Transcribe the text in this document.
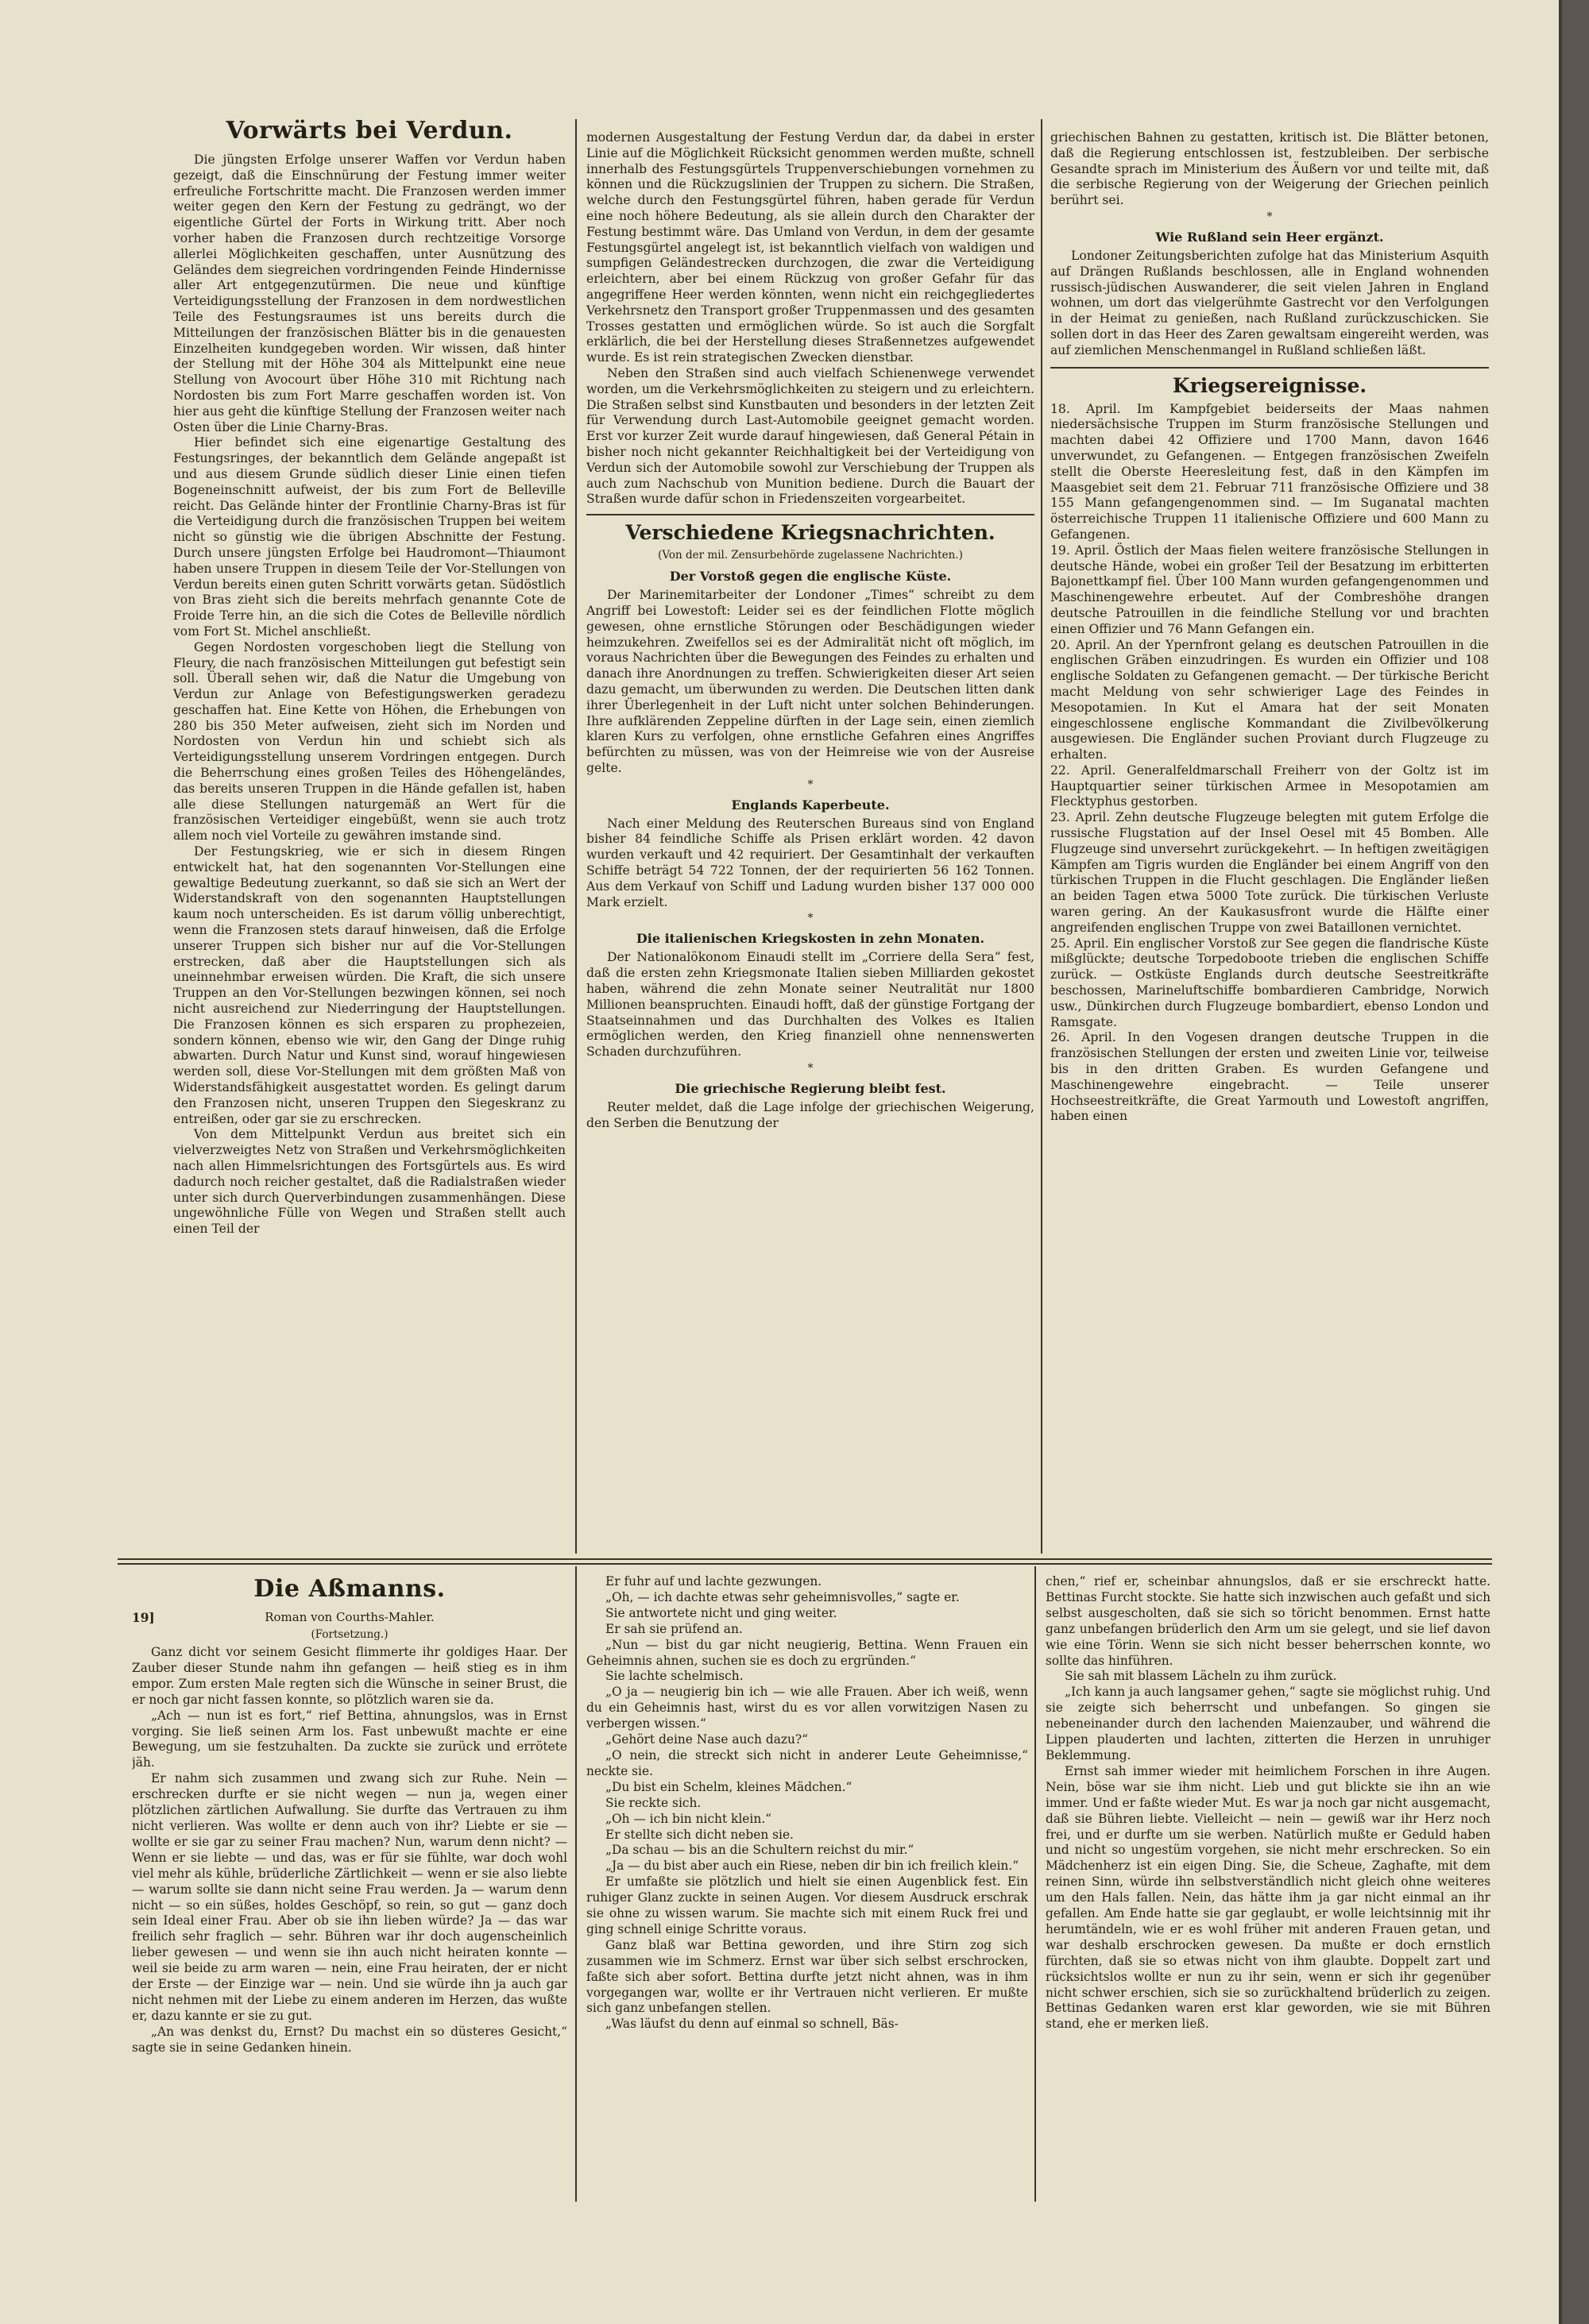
Vorwärts bei Verdun.

Die jüngsten Erfolge unserer Waffen vor Verdun haben gezeigt, daß die Einschnürung der Festung immer weiter erfreuliche Fortschritte macht. Die Franzosen werden immer weiter gegen den Kern der Festung zu gedrängt, wo der eigentliche Gürtel der Forts in Wirkung tritt. Aber noch vorher haben die Franzosen durch rechtzeitige Vorsorge allerlei Möglichkeiten geschaffen, unter Ausnützung des Geländes dem siegreichen vordringenden Feinde Hindernisse aller Art entgegenzutürmen. Die neue und künftige Verteidigungsstellung der Franzosen in dem nordwestlichen Teile des Festungsraumes ist uns bereits durch die Mitteilungen der französischen Blätter bis in die genauesten Einzelheiten kundgegeben worden. Wir wissen, daß hinter der Stellung mit der Höhe 304 als Mittelpunkt eine neue Stellung von Avocourt über Höhe 310 mit Richtung nach Nordosten bis zum Fort Marre geschaffen worden ist. Von hier aus geht die künftige Stellung der Franzosen weiter nach Osten über die Linie Charny-Bras.

Hier befindet sich eine eigenartige Gestaltung des Festungsringes, der bekanntlich dem Gelände angepaßt ist und aus diesem Grunde südlich dieser Linie einen tiefen Bogeneinschnitt aufweist, der bis zum Fort de Belleville reicht. Das Gelände hinter der Frontlinie Charny-Bras ist für die Verteidigung durch die französischen Truppen bei weitem nicht so günstig wie die übrigen Abschnitte der Festung. Durch unsere jüngsten Erfolge bei Haudromont—Thiaumont haben unsere Truppen in diesem Teile der Vor-Stellungen von Verdun bereits einen guten Schritt vorwärts getan. Südöstlich von Bras zieht sich die bereits mehrfach genannte Cote de Froide Terre hin, an die sich die Cotes de Belleville nördlich vom Fort St. Michel anschließt.

Gegen Nordosten vorgeschoben liegt die Stellung von Fleury, die nach französischen Mitteilungen gut befestigt sein soll. Überall sehen wir, daß die Natur die Umgebung von Verdun zur Anlage von Befestigungswerken geradezu geschaffen hat. Eine Kette von Höhen, die Erhebungen von 280 bis 350 Meter aufweisen, zieht sich im Norden und Nordosten von Verdun hin und schiebt sich als Verteidigungsstellung unserem Vordringen entgegen. Durch die Beherrschung eines großen Teiles des Höhengeländes, das bereits unseren Truppen in die Hände gefallen ist, haben alle diese Stellungen naturgemäß an Wert für die französischen Verteidiger eingebüßt, wenn sie auch trotz allem noch viel Vorteile zu gewähren imstande sind.

Der Festungskrieg, wie er sich in diesem Ringen entwickelt hat, hat den sogenannten Vor-Stellungen eine gewaltige Bedeutung zuerkannt, so daß sie sich an Wert der Widerstandskraft von den sogenannten Hauptstellungen kaum noch unterscheiden. Es ist darum völlig unberechtigt, wenn die Franzosen stets darauf hinweisen, daß die Erfolge unserer Truppen sich bisher nur auf die Vor-Stellungen erstrecken, daß aber die Hauptstellungen sich als uneinnehmbar erweisen würden. Die Kraft, die sich unsere Truppen an den Vor-Stellungen bezwingen können, sei noch nicht ausreichend zur Niederringung der Hauptstellungen. Die Franzosen können es sich ersparen zu prophezeien, sondern können, ebenso wie wir, den Gang der Dinge ruhig abwarten. Durch Natur und Kunst sind, worauf hingewiesen werden soll, diese Vor-Stellungen mit dem größten Maß von Widerstandsfähigkeit ausgestattet worden. Es gelingt darum den Franzosen nicht, unseren Truppen den Siegeskranz zu entreißen, oder gar sie zu erschrecken.

Von dem Mittelpunkt Verdun aus breitet sich ein vielverzweigtes Netz von Straßen und Verkehrsmöglichkeiten nach allen Himmelsrichtungen des Fortsgürtels aus. Es wird dadurch noch reicher gestaltet, daß die Radialstraßen wieder unter sich durch Querverbindungen zusammenhängen. Diese ungewöhnliche Fülle von Wegen und Straßen stellt auch einen Teil der

modernen Ausgestaltung der Festung Verdun dar, da dabei in erster Linie auf die Möglichkeit Rücksicht genommen werden mußte, schnell innerhalb des Festungsgürtels Truppenverschiebungen vornehmen zu können und die Rückzugslinien der Truppen zu sichern. Die Straßen, welche durch den Festungsgürtel führen, haben gerade für Verdun eine noch höhere Bedeutung, als sie allein durch den Charakter der Festung bestimmt wäre. Das Umland von Verdun, in dem der gesamte Festungsgürtel angelegt ist, ist bekanntlich vielfach von waldigen und sumpfigen Geländestrecken durchzogen, die zwar die Verteidigung erleichtern, aber bei einem Rückzug von großer Gefahr für das angegriffene Heer werden könnten, wenn nicht ein reichgegliedertes Verkehrsnetz den Transport großer Truppenmassen und des gesamten Trosses gestatten und ermöglichen würde. So ist auch die Sorgfalt erklärlich, die bei der Herstellung dieses Straßennetzes aufgewendet wurde. Es ist rein strategischen Zwecken dienstbar.

Neben den Straßen sind auch vielfach Schienenwege verwendet worden, um die Verkehrsmöglichkeiten zu steigern und zu erleichtern. Die Straßen selbst sind Kunstbauten und besonders in der letzten Zeit für Verwendung durch Last-Automobile geeignet gemacht worden. Erst vor kurzer Zeit wurde darauf hingewiesen, daß General Pétain in bisher noch nicht gekannter Reichhaltigkeit bei der Verteidigung von Verdun sich der Automobile sowohl zur Verschiebung der Truppen als auch zum Nachschub von Munition bediene. Durch die Bauart der Straßen wurde dafür schon in Friedenszeiten vorgearbeitet.

Verschiedene Kriegsnachrichten.
(Von der mil. Zensurbehörde zugelassene Nachrichten.)
Der Vorstoß gegen die englische Küste.

Der Marinemitarbeiter der Londoner „Times“ schreibt zu dem Angriff bei Lowestoft: Leider sei es der feindlichen Flotte möglich gewesen, ohne ernstliche Störungen oder Beschädigungen wieder heimzukehren. Zweifellos sei es der Admiralität nicht oft möglich, im voraus Nachrichten über die Bewegungen des Feindes zu erhalten und danach ihre Anordnungen zu treffen. Schwierigkeiten dieser Art seien dazu gemacht, um überwunden zu werden. Die Deutschen litten dank ihrer Überlegenheit in der Luft nicht unter solchen Behinderungen. Ihre aufklärenden Zeppeline dürften in der Lage sein, einen ziemlich klaren Kurs zu verfolgen, ohne ernstliche Gefahren eines Angriffes befürchten zu müssen, was von der Heimreise wie von der Ausreise gelte.

*
Englands Kaperbeute.

Nach einer Meldung des Reuterschen Bureaus sind von England bisher 84 feindliche Schiffe als Prisen erklärt worden. 42 davon wurden verkauft und 42 requiriert. Der Gesamtinhalt der verkauften Schiffe beträgt 54 722 Tonnen, der der requirierten 56 162 Tonnen. Aus dem Verkauf von Schiff und Ladung wurden bisher 137 000 000 Mark erzielt.

*
Die italienischen Kriegskosten in zehn Monaten.

Der Nationalökonom Einaudi stellt im „Corriere della Sera“ fest, daß die ersten zehn Kriegsmonate Italien sieben Milliarden gekostet haben, während die zehn Monate seiner Neutralität nur 1800 Millionen beanspruchten. Einaudi hofft, daß der günstige Fortgang der Staatseinnahmen und das Durchhalten des Volkes es Italien ermöglichen werden, den Krieg finanziell ohne nennenswerten Schaden durchzuführen.

*
Die griechische Regierung bleibt fest.

Reuter meldet, daß die Lage infolge der griechischen Weigerung, den Serben die Benutzung der

griechischen Bahnen zu gestatten, kritisch ist. Die Blätter betonen, daß die Regierung entschlossen ist, festzubleiben. Der serbische Gesandte sprach im Ministerium des Äußern vor und teilte mit, daß die serbische Regierung von der Weigerung der Griechen peinlich berührt sei.

*
Wie Rußland sein Heer ergänzt.

Londoner Zeitungsberichten zufolge hat das Ministerium Asquith auf Drängen Rußlands beschlossen, alle in England wohnenden russisch-jüdischen Auswanderer, die seit vielen Jahren in England wohnen, um dort das vielgerühmte Gastrecht vor den Verfolgungen in der Heimat zu genießen, nach Rußland zurückzuschicken. Sie sollen dort in das Heer des Zaren gewaltsam eingereiht werden, was auf ziemlichen Menschenmangel in Rußland schließen läßt.

Kriegsereignisse.

18. April. Im Kampfgebiet beiderseits der Maas nahmen niedersächsische Truppen im Sturm französische Stellungen und machten dabei 42 Offiziere und 1700 Mann, davon 1646 unverwundet, zu Gefangenen. — Entgegen französischen Zweifeln stellt die Oberste Heeresleitung fest, daß in den Kämpfen im Maasgebiet seit dem 21. Februar 711 französische Offiziere und 38 155 Mann gefangengenommen sind. — Im Suganatal machten österreichische Truppen 11 italienische Offiziere und 600 Mann zu Gefangenen.

19. April. Östlich der Maas fielen weitere französische Stellungen in deutsche Hände, wobei ein großer Teil der Besatzung im erbitterten Bajonettkampf fiel. Über 100 Mann wurden gefangengenommen und Maschinengewehre erbeutet. Auf der Combreshöhe drangen deutsche Patrouillen in die feindliche Stellung vor und brachten einen Offizier und 76 Mann Gefangen ein.

20. April. An der Ypernfront gelang es deutschen Patrouillen in die englischen Gräben einzudringen. Es wurden ein Offizier und 108 englische Soldaten zu Gefangenen gemacht. — Der türkische Bericht macht Meldung von sehr schwieriger Lage des Feindes in Mesopotamien. In Kut el Amara hat der seit Monaten eingeschlossene englische Kommandant die Zivilbevölkerung ausgewiesen. Die Engländer suchen Proviant durch Flugzeuge zu erhalten.

22. April. Generalfeldmarschall Freiherr von der Goltz ist im Hauptquartier seiner türkischen Armee in Mesopotamien am Flecktyphus gestorben.

23. April. Zehn deutsche Flugzeuge belegten mit gutem Erfolge die russische Flugstation auf der Insel Oesel mit 45 Bomben. Alle Flugzeuge sind unversehrt zurückgekehrt. — In heftigen zweitägigen Kämpfen am Tigris wurden die Engländer bei einem Angriff von den türkischen Truppen in die Flucht geschlagen. Die Engländer ließen an beiden Tagen etwa 5000 Tote zurück. Die türkischen Verluste waren gering. An der Kaukasusfront wurde die Hälfte einer angreifenden englischen Truppe von zwei Bataillonen vernichtet.

25. April. Ein englischer Vorstoß zur See gegen die flandrische Küste mißglückte; deutsche Torpedoboote trieben die englischen Schiffe zurück. — Ostküste Englands durch deutsche Seestreitkräfte beschossen, Marineluftschiffe bombardieren Cambridge, Norwich usw., Dünkirchen durch Flugzeuge bombardiert, ebenso London und Ramsgate.

26. April. In den Vogesen drangen deutsche Truppen in die französischen Stellungen der ersten und zweiten Linie vor, teilweise bis in den dritten Graben. Es wurden Gefangene und Maschinengewehre eingebracht. — Teile unserer Hochseestreitkräfte, die Great Yarmouth und Lowestoft angriffen, haben einen

Die Aßmanns.
19]	Roman von Courths-Mahler.
(Fortsetzung.)

Ganz dicht vor seinem Gesicht flimmerte ihr goldiges Haar. Der Zauber dieser Stunde nahm ihn gefangen — heiß stieg es in ihm empor. Zum ersten Male regten sich die Wünsche in seiner Brust, die er noch gar nicht fassen konnte, so plötzlich waren sie da.

„Ach — nun ist es fort,“ rief Bettina, ahnungslos, was in Ernst vorging. Sie ließ seinen Arm los. Fast unbewußt machte er eine Bewegung, um sie festzuhalten. Da zuckte sie zurück und errötete jäh.

Er nahm sich zusammen und zwang sich zur Ruhe. Nein — erschrecken durfte er sie nicht wegen — nun ja, wegen einer plötzlichen zärtlichen Aufwallung. Sie durfte das Vertrauen zu ihm nicht verlieren. Was wollte er denn auch von ihr? Liebte er sie — wollte er sie gar zu seiner Frau machen? Nun, warum denn nicht? — Wenn er sie liebte — und das, was er für sie fühlte, war doch wohl viel mehr als kühle, brüderliche Zärtlichkeit — wenn er sie also liebte — warum sollte sie dann nicht seine Frau werden. Ja — warum denn nicht — so ein süßes, holdes Geschöpf, so rein, so gut — ganz doch sein Ideal einer Frau. Aber ob sie ihn lieben würde? Ja — das war freilich sehr fraglich — sehr. Bühren war ihr doch augenscheinlich lieber gewesen — und wenn sie ihn auch nicht heiraten konnte — weil sie beide zu arm waren — nein, eine Frau heiraten, der er nicht der Erste — der Einzige war — nein. Und sie würde ihn ja auch gar nicht nehmen mit der Liebe zu einem anderen im Herzen, das wußte er, dazu kannte er sie zu gut.

„An was denkst du, Ernst? Du machst ein so düsteres Gesicht,“ sagte sie in seine Gedanken hinein.

Er fuhr auf und lachte gezwungen.

„Oh, — ich dachte etwas sehr geheimnisvolles,“ sagte er.

Sie antwortete nicht und ging weiter.

Er sah sie prüfend an.

„Nun — bist du gar nicht neugierig, Bettina. Wenn Frauen ein Geheimnis ahnen, suchen sie es doch zu ergründen.“

Sie lachte schelmisch.

„O ja — neugierig bin ich — wie alle Frauen. Aber ich weiß, wenn du ein Geheimnis hast, wirst du es vor allen vorwitzigen Nasen zu verbergen wissen.“

„Gehört deine Nase auch dazu?“

„O nein, die streckt sich nicht in anderer Leute Geheimnisse,“ neckte sie.

„Du bist ein Schelm, kleines Mädchen.“

Sie reckte sich.

„Oh — ich bin nicht klein.“

Er stellte sich dicht neben sie.

„Da schau — bis an die Schultern reichst du mir.“

„Ja — du bist aber auch ein Riese, neben dir bin ich freilich klein.“

Er umfaßte sie plötzlich und hielt sie einen Augenblick fest. Ein ruhiger Glanz zuckte in seinen Augen. Vor diesem Ausdruck erschrak sie ohne zu wissen warum. Sie machte sich mit einem Ruck frei und ging schnell einige Schritte voraus.

Ganz blaß war Bettina geworden, und ihre Stirn zog sich zusammen wie im Schmerz. Ernst war über sich selbst erschrocken, faßte sich aber sofort. Bettina durfte jetzt nicht ahnen, was in ihm vorgegangen war, wollte er ihr Vertrauen nicht verlieren. Er mußte sich ganz unbefangen stellen.

„Was läufst du denn auf einmal so schnell, Bäs-

chen,“ rief er, scheinbar ahnungslos, daß er sie erschreckt hatte. Bettinas Furcht stockte. Sie hatte sich inzwischen auch gefaßt und sich selbst ausgescholten, daß sie sich so töricht benommen. Ernst hatte ganz unbefangen brüderlich den Arm um sie gelegt, und sie lief davon wie eine Törin. Wenn sie sich nicht besser beherrschen konnte, wo sollte das hinführen.

Sie sah mit blassem Lächeln zu ihm zurück.

„Ich kann ja auch langsamer gehen,“ sagte sie möglichst ruhig. Und sie zeigte sich beherrscht und unbefangen. So gingen sie nebeneinander durch den lachenden Maienzauber, und während die Lippen plauderten und lachten, zitterten die Herzen in unruhiger Beklemmung.

Ernst sah immer wieder mit heimlichem Forschen in ihre Augen. Nein, böse war sie ihm nicht. Lieb und gut blickte sie ihn an wie immer. Und er faßte wieder Mut. Es war ja noch gar nicht ausgemacht, daß sie Bühren liebte. Vielleicht — nein — gewiß war ihr Herz noch frei, und er durfte um sie werben. Natürlich mußte er Geduld haben und nicht so ungestüm vorgehen, sie nicht mehr erschrecken. So ein Mädchenherz ist ein eigen Ding. Sie, die Scheue, Zaghafte, mit dem reinen Sinn, würde ihn selbstverständlich nicht gleich ohne weiteres um den Hals fallen. Nein, das hätte ihm ja gar nicht einmal an ihr gefallen. Am Ende hatte sie gar geglaubt, er wolle leichtsinnig mit ihr herumtändeln, wie er es wohl früher mit anderen Frauen getan, und war deshalb erschrocken gewesen. Da mußte er doch ernstlich fürchten, daß sie so etwas nicht von ihm glaubte. Doppelt zart und rücksichtslos wollte er nun zu ihr sein, wenn er sich ihr gegenüber nicht schwer erschien, sich sie so zurückhaltend brüderlich zu zeigen. Bettinas Gedanken waren erst klar geworden, wie sie mit Bühren stand, ehe er merken ließ.
